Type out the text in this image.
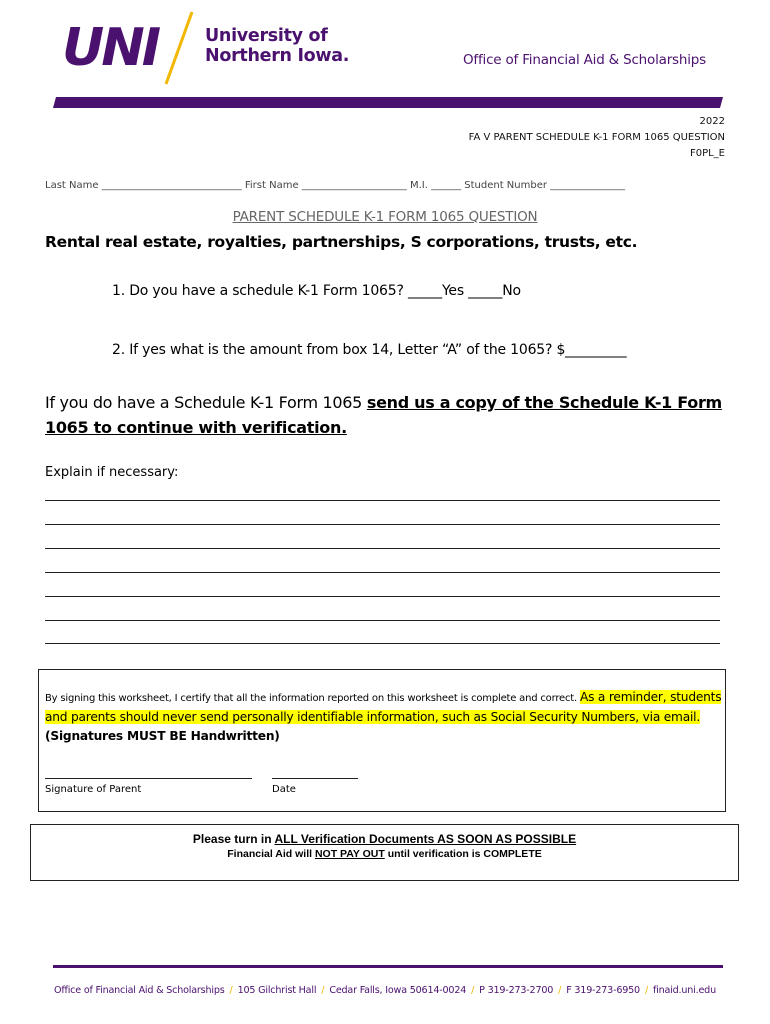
UNI	University of
Northern Iowa.	Office of Financial Aid & Scholarships
2022
FA V PARENT SCHEDULE K-1 FORM 1065 QUESTION
F0PL_E
Last Name ____________________________ First Name _____________________ M.I. ______ Student Number _______________
PARENT SCHEDULE K-1 FORM 1065 QUESTION
Rental real estate, royalties, partnerships, S corporations, trusts, etc.
1. Do you have a schedule K-1 Form 1065? _____Yes _____No
2. If yes what is the amount from box 14, Letter “A” of the 1065? $_________
If you do have a Schedule K-1 Form 1065 send us a copy of the Schedule K-1 Form 1065 to continue with verification.
Explain if necessary:
By signing this worksheet, I certify that all the information reported on this worksheet is complete and correct. As a reminder, students and parents should never send personally identifiable information, such as Social Security Numbers, via email. (Signatures MUST BE Handwritten)
Signature of Parent	Date
Please turn in ALL Verification Documents AS SOON AS POSSIBLE
Financial Aid will NOT PAY OUT until verification is COMPLETE
Office of Financial Aid & Scholarships / 105 Gilchrist Hall / Cedar Falls, Iowa 50614-0024 / P 319-273-2700 / F 319-273-6950 / finaid.uni.edu
